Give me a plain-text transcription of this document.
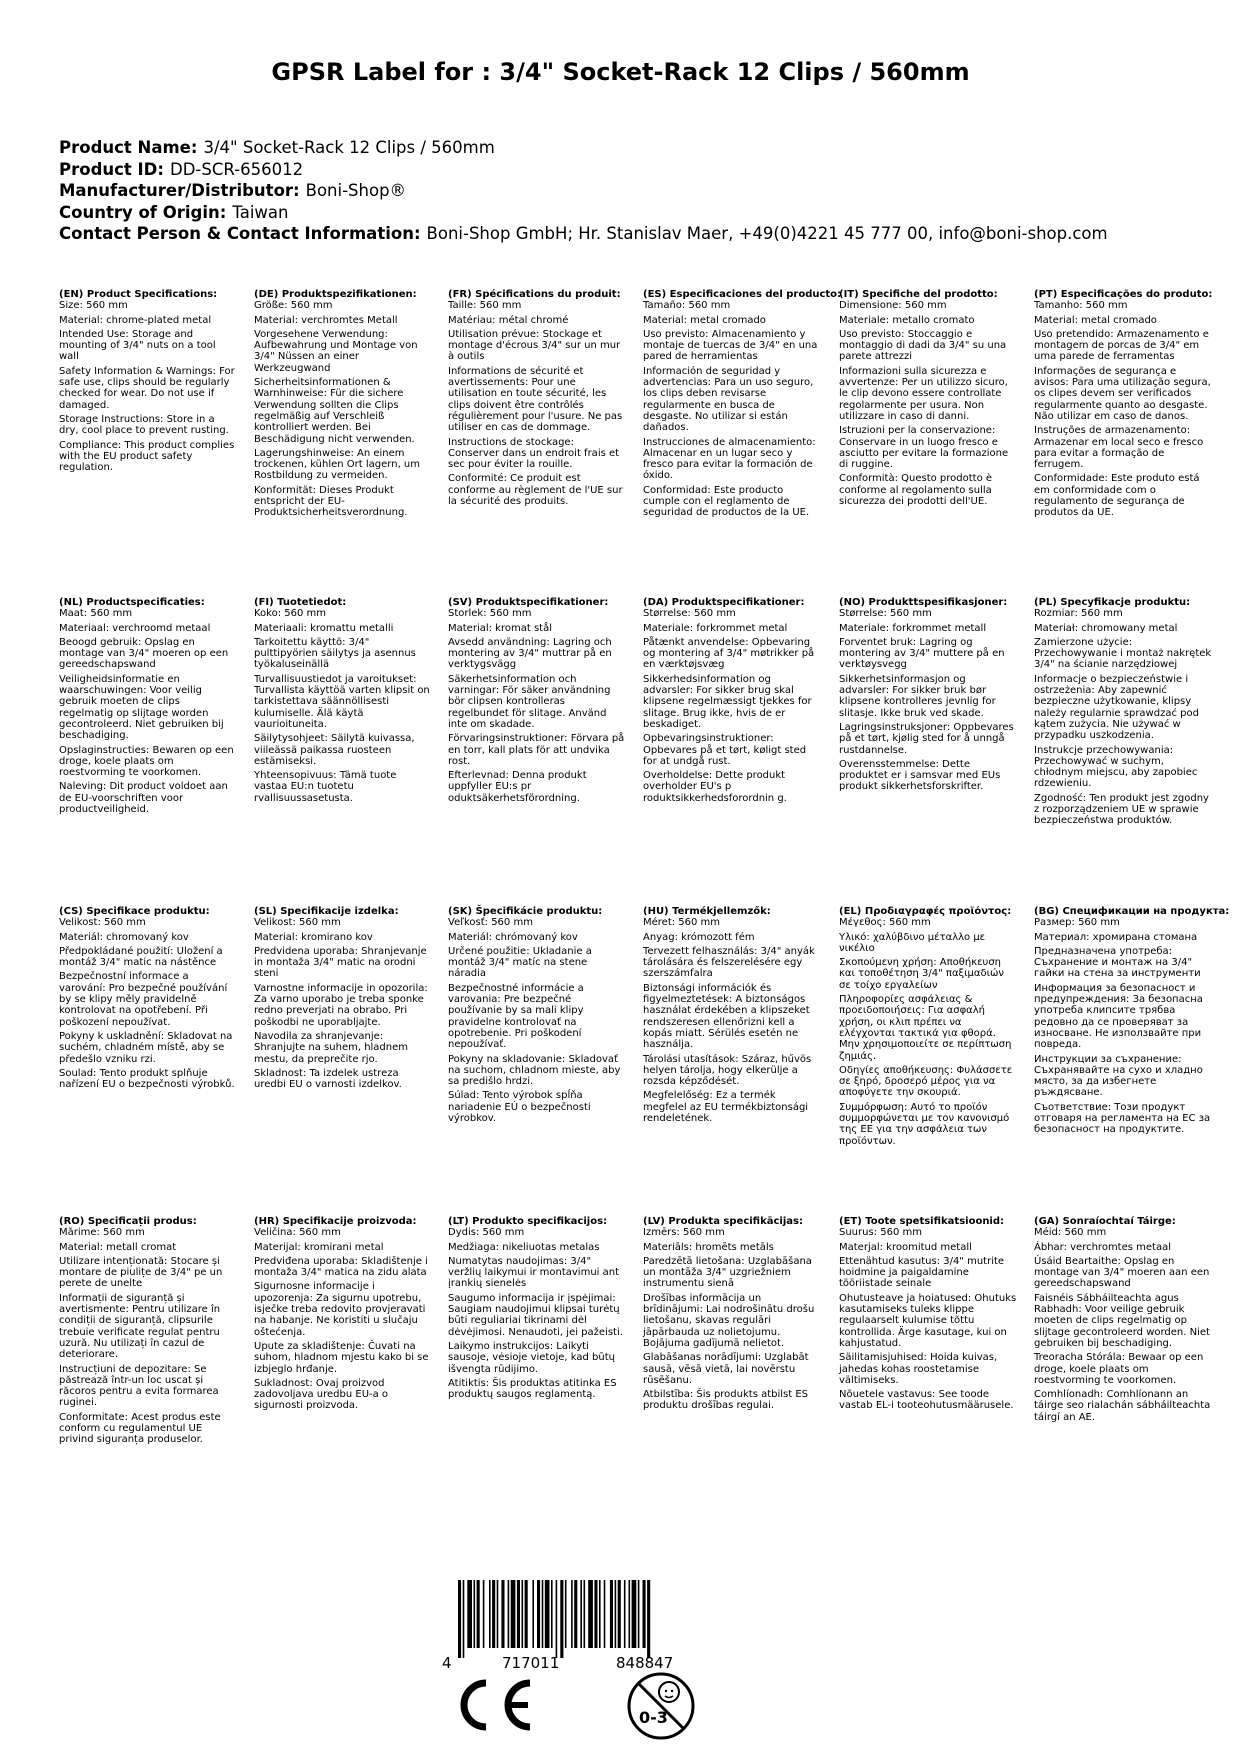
GPSR Label for : 3/4" Socket-Rack 12 Clips / 560mm
Product Name: 3/4" Socket-Rack 12 Clips / 560mm
Product ID: DD-SCR-656012
Manufacturer/Distributor: Boni-Shop®
Country of Origin: Taiwan
Contact Person & Contact Information: Boni-Shop GmbH; Hr. Stanislav Maer, +49(0)4221 45 777 00, info@boni-shop.com
(EN) Product Specifications:

Size: 560 mm

Material: chrome-plated metal

Intended Use: Storage and mounting of 3/4" nuts on a tool wall

Safety Information & Warnings: For safe use, clips should be regularly checked for wear. Do not use if damaged.

Storage Instructions: Store in a dry, cool place to prevent rusting.

Compliance: This product complies with the EU product safety regulation.

(DE) Produktspezifikationen:

Größe: 560 mm

Material: verchromtes Metall

Vorgesehene Verwendung: Aufbewahrung und Montage von 3/4" Nüssen an einer Werkzeugwand

Sicherheitsinformationen & Warnhinweise: Für die sichere Verwendung sollten die Clips regelmäßig auf Verschleiß kontrolliert werden. Bei Beschädigung nicht verwenden.

Lagerungshinweise: An einem trockenen, kühlen Ort lagern, um Rostbildung zu vermeiden.

Konformität: Dieses Produkt entspricht der EU-Produktsicherheitsverordnung.

(FR) Spécifications du produit:

Taille: 560 mm

Matériau: métal chromé

Utilisation prévue: Stockage et montage d'écrous 3/4" sur un mur à outils

Informations de sécurité et avertissements: Pour une utilisation en toute sécurité, les clips doivent être contrôlés régulièrement pour l'usure. Ne pas utiliser en cas de dommage.

Instructions de stockage: Conserver dans un endroit frais et sec pour éviter la rouille.

Conformité: Ce produit est conforme au règlement de l'UE sur la sécurité des produits.

(ES) Especificaciones del producto:

Tamaño: 560 mm

Material: metal cromado

Uso previsto: Almacenamiento y montaje de tuercas de 3/4" en una pared de herramientas

Información de seguridad y advertencias: Para un uso seguro, los clips deben revisarse regularmente en busca de desgaste. No utilizar si están dañados.

Instrucciones de almacenamiento: Almacenar en un lugar seco y fresco para evitar la formación de óxido.

Conformidad: Este producto cumple con el reglamento de seguridad de productos de la UE.

(IT) Specifiche del prodotto:

Dimensione: 560 mm

Materiale: metallo cromato

Uso previsto: Stoccaggio e montaggio di dadi da 3/4" su una parete attrezzi

Informazioni sulla sicurezza e avvertenze: Per un utilizzo sicuro, le clip devono essere controllate regolarmente per usura. Non utilizzare in caso di danni.

Istruzioni per la conservazione: Conservare in un luogo fresco e asciutto per evitare la formazione di ruggine.

Conformità: Questo prodotto è conforme al regolamento sulla sicurezza dei prodotti dell'UE.

(PT) Especificações do produto:

Tamanho: 560 mm

Material: metal cromado

Uso pretendido: Armazenamento e montagem de porcas de 3/4" em uma parede de ferramentas

Informações de segurança e avisos: Para uma utilização segura, os clipes devem ser verificados regularmente quanto ao desgaste. Não utilizar em caso de danos.

Instruções de armazenamento: Armazenar em local seco e fresco para evitar a formação de ferrugem.

Conformidade: Este produto está em conformidade com o regulamento de segurança de produtos da UE.

(NL) Productspecificaties:

Maat: 560 mm

Materiaal: verchroomd metaal

Beoogd gebruik: Opslag en montage van 3/4" moeren op een gereedschapswand

Veiligheidsinformatie en waarschuwingen: Voor veilig gebruik moeten de clips regelmatig op slijtage worden gecontroleerd. Niet gebruiken bij beschadiging.

Opslaginstructies: Bewaren op een droge, koele plaats om roestvorming te voorkomen.

Naleving: Dit product voldoet aan de EU-voorschriften voor productveiligheid.

(FI) Tuotetiedot:

Koko: 560 mm

Materiaali: kromattu metalli

Tarkoitettu käyttö: 3/4" pulttipyörien säilytys ja asennus työkaluseinällä

Turvallisuustiedot ja varoitukset: Turvallista käyttöä varten klipsit on tarkistettava säännöllisesti kulumiselle. Älä käytä vaurioituneita.

Säilytysohjeet: Säilytä kuivassa, viileässä paikassa ruosteen estämiseksi.

Yhteensopivuus: Tämä tuote vastaa EU:n tuotetu rvallisuussasetusta.

(SV) Produktspecifikationer:

Storlek: 560 mm

Material: kromat stål

Avsedd användning: Lagring och montering av 3/4" muttrar på en verktygsvägg

Säkerhetsinformation och varningar: För säker användning bör clipsen kontrolleras regelbundet för slitage. Använd inte om skadade.

Förvaringsinstruktioner: Förvara på en torr, kall plats för att undvika rost.

Efterlevnad: Denna produkt uppfyller EU:s pr oduktsäkerhetsförordning.

(DA) Produktspecifikationer:

Størrelse: 560 mm

Materiale: forkrommet metal

Påtænkt anvendelse: Opbevaring og montering af 3/4" møtrikker på en værktøjsvæg

Sikkerhedsinformation og advarsler: For sikker brug skal klipsene regelmæssigt tjekkes for slitage. Brug ikke, hvis de er beskadiget.

Opbevaringsinstruktioner: Opbevares på et tørt, køligt sted for at undgå rust.

Overholdelse: Dette produkt overholder EU's p roduktsikkerhedsforordnin g.

(NO) Produkttspesifikasjoner:

Størrelse: 560 mm

Materiale: forkrommet metall

Forventet bruk: Lagring og montering av 3/4" muttere på en verktøysvegg

Sikkerhetsinformasjon og advarsler: For sikker bruk bør klipsene kontrolleres jevnlig for slitasje. Ikke bruk ved skade.

Lagringsinstruksjoner: Oppbevares på et tørt, kjølig sted for å unngå rustdannelse.

Overensstemmelse: Dette produktet er i samsvar med EUs produkt sikkerhetsforskrifter.

(PL) Specyfikacje produktu:

Rozmiar: 560 mm

Materiał: chromowany metal

Zamierzone użycie: Przechowywanie i montaż nakrętek 3/4" na ścianie narzędziowej

Informacje o bezpieczeństwie i ostrzeżenia: Aby zapewnić bezpieczne użytkowanie, klipsy należy regularnie sprawdzać pod kątem zużycia. Nie używać w przypadku uszkodzenia.

Instrukcje przechowywania: Przechowywać w suchym, chłodnym miejscu, aby zapobiec rdzewieniu.

Zgodność: Ten produkt jest zgodny z rozporządzeniem UE w sprawie bezpieczeństwa produktów.

(CS) Specifikace produktu:

Velikost: 560 mm

Materiál: chromovaný kov

Předpokládané použití: Uložení a montáž 3/4" matic na nástěnce

Bezpečnostní informace a varování: Pro bezpečné používání by se klipy měly pravidelně kontrolovat na opotřebení. Při poškození nepoužívat.

Pokyny k uskladnění: Skladovat na suchém, chladném místě, aby se předešlo vzniku rzi.

Soulad: Tento produkt splňuje nařízení EU o bezpečnosti výrobků.

(SL) Specifikacije izdelka:

Velikost: 560 mm

Material: kromirano kov

Predvidena uporaba: Shranjevanje in montaža 3/4" matic na orodni steni

Varnostne informacije in opozorila: Za varno uporabo je treba sponke redno preverjati na obrabo. Pri poškodbi ne uporabljajte.

Navodila za shranjevanje: Shranjujte na suhem, hladnem mestu, da preprečite rjo.

Skladnost: Ta izdelek ustreza uredbi EU o varnosti izdelkov.

(SK) Špecifikácie produktu:

Veľkosť: 560 mm

Materiál: chrómovaný kov

Určené použitie: Ukladanie a montáž 3/4" matíc na stene náradia

Bezpečnostné informácie a varovania: Pre bezpečné používanie by sa mali klipy pravidelne kontrolovať na opotrebenie. Pri poškodení nepoužívať.

Pokyny na skladovanie: Skladovať na suchom, chladnom mieste, aby sa predišlo hrdzi.

Súlad: Tento výrobok spĺňa nariadenie EÚ o bezpečnosti výrobkov.

(HU) Termékjellemzők:

Méret: 560 mm

Anyag: krómozott fém

Tervezett felhasználás: 3/4" anyák tárolására és felszerelésére egy szerszámfalra

Biztonsági információk és figyelmeztetések: A biztonságos használat érdekében a klipszeket rendszeresen ellenőrizni kell a kopás miatt. Sérülés esetén ne használja.

Tárolási utasítások: Száraz, hűvös helyen tárolja, hogy elkerülje a rozsda képződését.

Megfelelőség: Ez a termék megfelel az EU termékbiztonsági rendeletének.

(EL) Προδιαγραφές προϊόντος:

Μέγεθος: 560 mm

Υλικό: χαλύβδινο μέταλλο με νικέλιο

Σκοπούμενη χρήση: Αποθήκευση και τοποθέτηση 3/4" παξιμαδιών σε τοίχο εργαλείων

Πληροφορίες ασφάλειας & προειδοποιήσεις: Για ασφαλή χρήση, οι κλιπ πρέπει να ελέγχονται τακτικά για φθορά. Μην χρησιμοποιείτε σε περίπτωση ζημιάς.

Οδηγίες αποθήκευσης: Φυλάσσετε σε ξηρό, δροσερό μέρος για να αποφύγετε την σκουριά.

Συμμόρφωση: Αυτό το προϊόν συμμορφώνεται με τον κανονισμό της ΕΕ για την ασφάλεια των προϊόντων.

(BG) Спецификации на продукта:

Размер: 560 mm

Материал: хромирана стомана

Предназначена употреба: Съхранение и монтаж на 3/4" гайки на стена за инструменти

Информация за безопасност и предупреждения: За безопасна употреба клипсите трябва редовно да се проверяват за износване. Не използвайте при повреда.

Инструкции за съхранение: Съхранявайте на сухо и хладно място, за да избегнете ръждясване.

Съответствие: Този продукт отговаря на регламента на ЕС за безопасност на продуктите.

(RO) Specificații produs:

Mărime: 560 mm

Material: metall cromat

Utilizare intenționată: Stocare și montare de piulițe de 3/4" pe un perete de unelte

Informații de siguranță și avertismente: Pentru utilizare în condiții de siguranță, clipsurile trebuie verificate regulat pentru uzură. Nu utilizați în cazul de deteriorare.

Instrucțiuni de depozitare: Se păstrează într-un loc uscat și răcoros pentru a evita formarea ruginei.

Conformitate: Acest produs este conform cu regulamentul UE privind siguranța produselor.

(HR) Specifikacije proizvoda:

Veličina: 560 mm

Materijal: kromirani metal

Predviđena uporaba: Skladištenje i montaža 3/4" matica na zidu alata

Sigurnosne informacije i upozorenja: Za sigurnu upotrebu, isječke treba redovito provjeravati na habanje. Ne koristiti u slučaju oštećenja.

Upute za skladištenje: Čuvati na suhom, hladnom mjestu kako bi se izbjeglo hrđanje.

Sukladnost: Ovaj proizvod zadovoljava uredbu EU-a o sigurnosti proizvoda.

(LT) Produkto specifikacijos:

Dydis: 560 mm

Medžiaga: nikeliuotas metalas

Numatytas naudojimas: 3/4" veržlių laikymui ir montavimui ant įrankių sienelės

Saugumo informacija ir įspėjimai: Saugiam naudojimui klipsai turėtų būti reguliariai tikrinami dėl dėvėjimosi. Nenaudoti, jei pažeisti.

Laikymo instrukcijos: Laikyti sausoje, vėsioje vietoje, kad būtų išvengta rūdijimo.

Atitiktis: Šis produktas atitinka ES produktų saugos reglamentą.

(LV) Produkta specifikācijas:

Izmērs: 560 mm

Materiāls: hromēts metāls

Paredzētā lietošana: Uzglabāšana un montāža 3/4" uzgriežniem instrumentu sienā

Drošības informācija un brīdinājumi: Lai nodrošinātu drošu lietošanu, skavas regulāri jāpārbauda uz nolietojumu. Bojājuma gadījumā nelietot.

Glabāšanas norādījumi: Uzglabāt sausā, vēsā vietā, lai novērstu rūsēšanu.

Atbilstība: Šis produkts atbilst ES produktu drošības regulai.

(ET) Toote spetsifikatsioonid:

Suurus: 560 mm

Materjal: kroomitud metall

Ettenähtud kasutus: 3/4" mutrite hoidmine ja paigaldamine tööriistade seinale

Ohutusteave ja hoiatused: Ohutuks kasutamiseks tuleks klippe regulaarselt kulumise tõttu kontrollida. Ärge kasutage, kui on kahjustatud.

Säilitamisjuhised: Hoida kuivas, jahedas kohas roostetamise vältimiseks.

Nõuetele vastavus: See toode vastab EL-i tooteohutusmäärusele.

(GA) Sonraíochtaí Táirge:

Méid: 560 mm

Ábhar: verchromtes metaal

Úsáid Beartaithe: Opslag en montage van 3/4" moeren aan een gereedschapswand

Faisnéis Sábháilteachta agus Rabhadh: Voor veilige gebruik moeten de clips regelmatig op slijtage gecontroleerd worden. Niet gebruiken bij beschadiging.

Treoracha Stórála: Bewaar op een droge, koele plaats om roestvorming te voorkomen.

Comhlíonadh: Comhlíonann an táirge seo rialachán sábháilteachta táirgí an AE.

4	717011	848847
0-3
